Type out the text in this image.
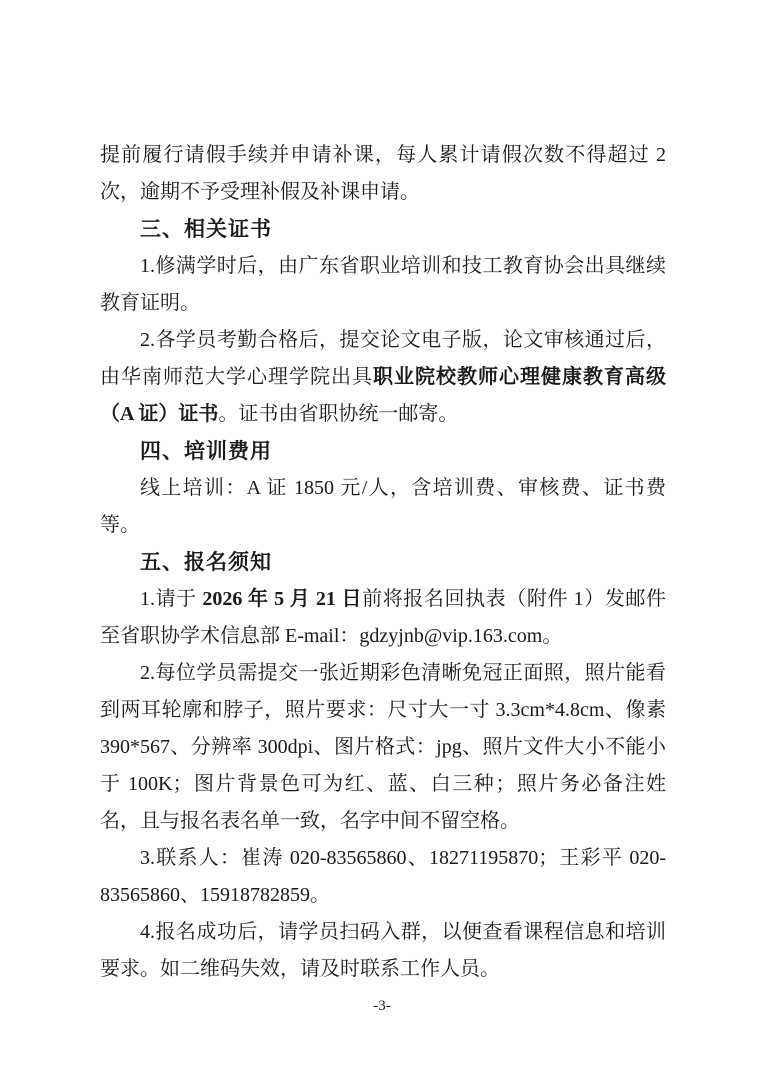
提前履行请假手续并申请补课，每人累计请假次数不得超过 2 次，逾期不予受理补假及补课申请。

三、相关证书

1.修满学时后，由广东省职业培训和技工教育协会出具继续教育证明。

2.各学员考勤合格后，提交论文电子版，论文审核通过后，由华南师范大学心理学院出具职业院校教师心理健康教育高级（A 证）证书。证书由省职协统一邮寄。

四、培训费用

线上培训：A 证 1850 元/人，含培训费、审核费、证书费等。

五、报名须知

1.请于 2026 年 5 月 21 日前将报名回执表（附件 1）发邮件至省职协学术信息部 E-mail：gdzyjnb@vip.163.com。

2.每位学员需提交一张近期彩色清晰免冠正面照，照片能看到两耳轮廓和脖子，照片要求：尺寸大一寸 3.3cm*4.8cm、像素 390*567、分辨率 300dpi、图片格式：jpg、照片文件大小不能小于 100K；图片背景色可为红、蓝、白三种；照片务必备注姓名，且与报名表名单一致，名字中间不留空格。

3.联系人：崔涛 020-83565860、18271195870；王彩平 020-83565860、15918782859。

4.报名成功后，请学员扫码入群，以便查看课程信息和培训要求。如二维码失效，请及时联系工作人员。

-3-
